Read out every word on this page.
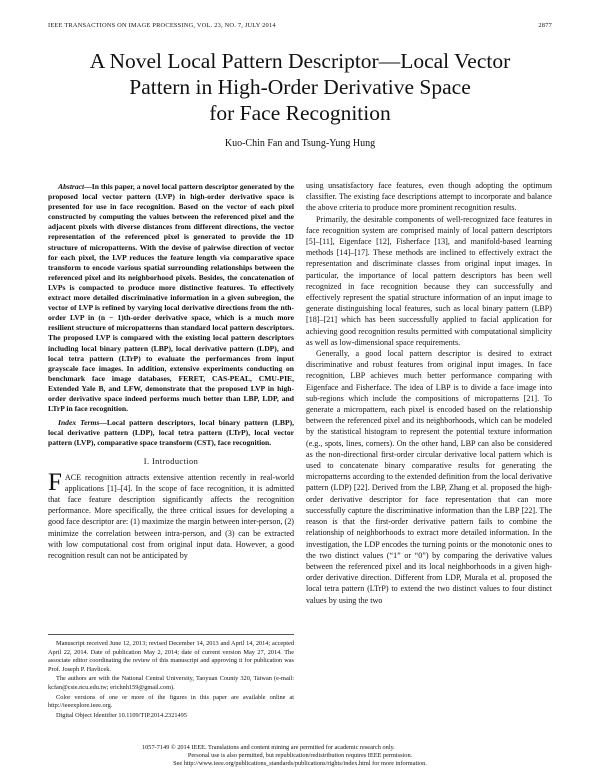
IEEE TRANSACTIONS ON IMAGE PROCESSING, VOL. 23, NO. 7, JULY 2014	2877
A Novel Local Pattern Descriptor—Local Vector
Pattern in High-Order Derivative Space
for Face Recognition
Kuo-Chin Fan and Tsung-Yung Hung

Abstract—In this paper, a novel local pattern descriptor generated by the proposed local vector pattern (LVP) in high-order derivative space is presented for use in face recognition. Based on the vector of each pixel constructed by computing the values between the referenced pixel and the adjacent pixels with diverse distances from different directions, the vector representation of the referenced pixel is generated to provide the 1D structure of micropatterns. With the devise of pairwise direction of vector for each pixel, the LVP reduces the feature length via comparative space transform to encode various spatial surrounding relationships between the referenced pixel and its neighborhood pixels. Besides, the concatenation of LVPs is compacted to produce more distinctive features. To effectively extract more detailed discriminative information in a given subregion, the vector of LVP is refined by varying local derivative directions from the nth-order LVP in (n − 1)th-order derivative space, which is a much more resilient structure of micropatterns than standard local pattern descriptors. The proposed LVP is compared with the existing local pattern descriptors including local binary pattern (LBP), local derivative pattern (LDP), and local tetra pattern (LTrP) to evaluate the performances from input grayscale face images. In addition, extensive experiments conducting on benchmark face image databases, FERET, CAS-PEAL, CMU-PIE, Extended Yale B, and LFW, demonstrate that the proposed LVP in high-order derivative space indeed performs much better than LBP, LDP, and LTrP in face recognition.

Index Terms—Local pattern descriptors, local binary pattern (LBP), local derivative pattern (LDP), local tetra pattern (LTrP), local vector pattern (LVP), comparative space transform (CST), face recognition.

I. Introduction

FACE recognition attracts extensive attention recently in real-world applications [1]–[4]. In the scope of face recognition, it is admitted that face feature description significantly affects the recognition performance. More specifically, the three critical issues for developing a good face descriptor are: (1) maximize the margin between inter-person, (2) minimize the correlation between intra-person, and (3) can be extracted with low computational cost from original input data. However, a good recognition result can not be anticipated by

Manuscript received June 12, 2013; revised December 14, 2013 and April 14, 2014; accepted April 22, 2014. Date of publication May 2, 2014; date of current version May 27, 2014. The associate editor coordinating the review of this manuscript and approving it for publication was Prof. Joseph P. Havlicek.

The authors are with the National Central University, Taoyuan County 320, Taiwan (e-mail: kcfan@csie.ncu.edu.tw; erichnh159@gmail.com).

Color versions of one or more of the figures in this paper are available online at http://ieeexplore.ieee.org.

Digital Object Identifier 10.1109/TIP.2014.2321495

using unsatisfactory face features, even though adopting the optimum classifier. The existing face descriptions attempt to incorporate and balance the above criteria to produce more prominent recognition results.

Primarily, the desirable components of well-recognized face features in face recognition system are comprised mainly of local pattern descriptors [5]–[11], Eigenface [12], Fisherface [13], and manifold-based learning methods [14]–[17]. These methods are inclined to effectively extract the representation and discriminate classes from original input images. In particular, the importance of local pattern descriptors has been well recognized in face recognition because they can successfully and effectively represent the spatial structure information of an input image to generate distinguishing local features, such as local binary pattern (LBP) [18]–[21] which has been successfully applied to facial application for achieving good recognition results permitted with computational simplicity as well as low-dimensional space requirements.

Generally, a good local pattern descriptor is desired to extract discriminative and robust features from original input images. In face recognition, LBP achieves much better performance comparing with Eigenface and Fisherface. The idea of LBP is to divide a face image into sub-regions which include the compositions of micropatterns [21]. To generate a micropattern, each pixel is encoded based on the relationship between the referenced pixel and its neighborhoods, which can be modeled by the statistical histogram to represent the potential texture information (e.g., spots, lines, corners). On the other hand, LBP can also be considered as the non-directional first-order circular derivative local pattern which is used to concatenate binary comparative results for generating the micropatterns according to the extended definition from the local derivative pattern (LDP) [22]. Derived from the LBP, Zhang et al. proposed the high-order derivative descriptor for face representation that can more successfully capture the discriminative information than the LBP [22]. The reason is that the first-order derivative pattern fails to combine the relationship of neighborhoods to extract more detailed information. In the investigation, the LDP encodes the turning points or the monotonic ones to the two distinct values (“1” or “0”) by comparing the derivative values between the referenced pixel and its local neighborhoods in a given high-order derivative direction. Different from LDP, Murala et al. proposed the local tetra pattern (LTrP) to extend the two distinct values to four distinct values by using the two

1057-7149 © 2014 IEEE. Translations and content mining are permitted for academic research only.
Personal use is also permitted, but republication/redistribution requires IEEE permission.
See http://www.ieee.org/publications_standards/publications/rights/index.html for more information.
